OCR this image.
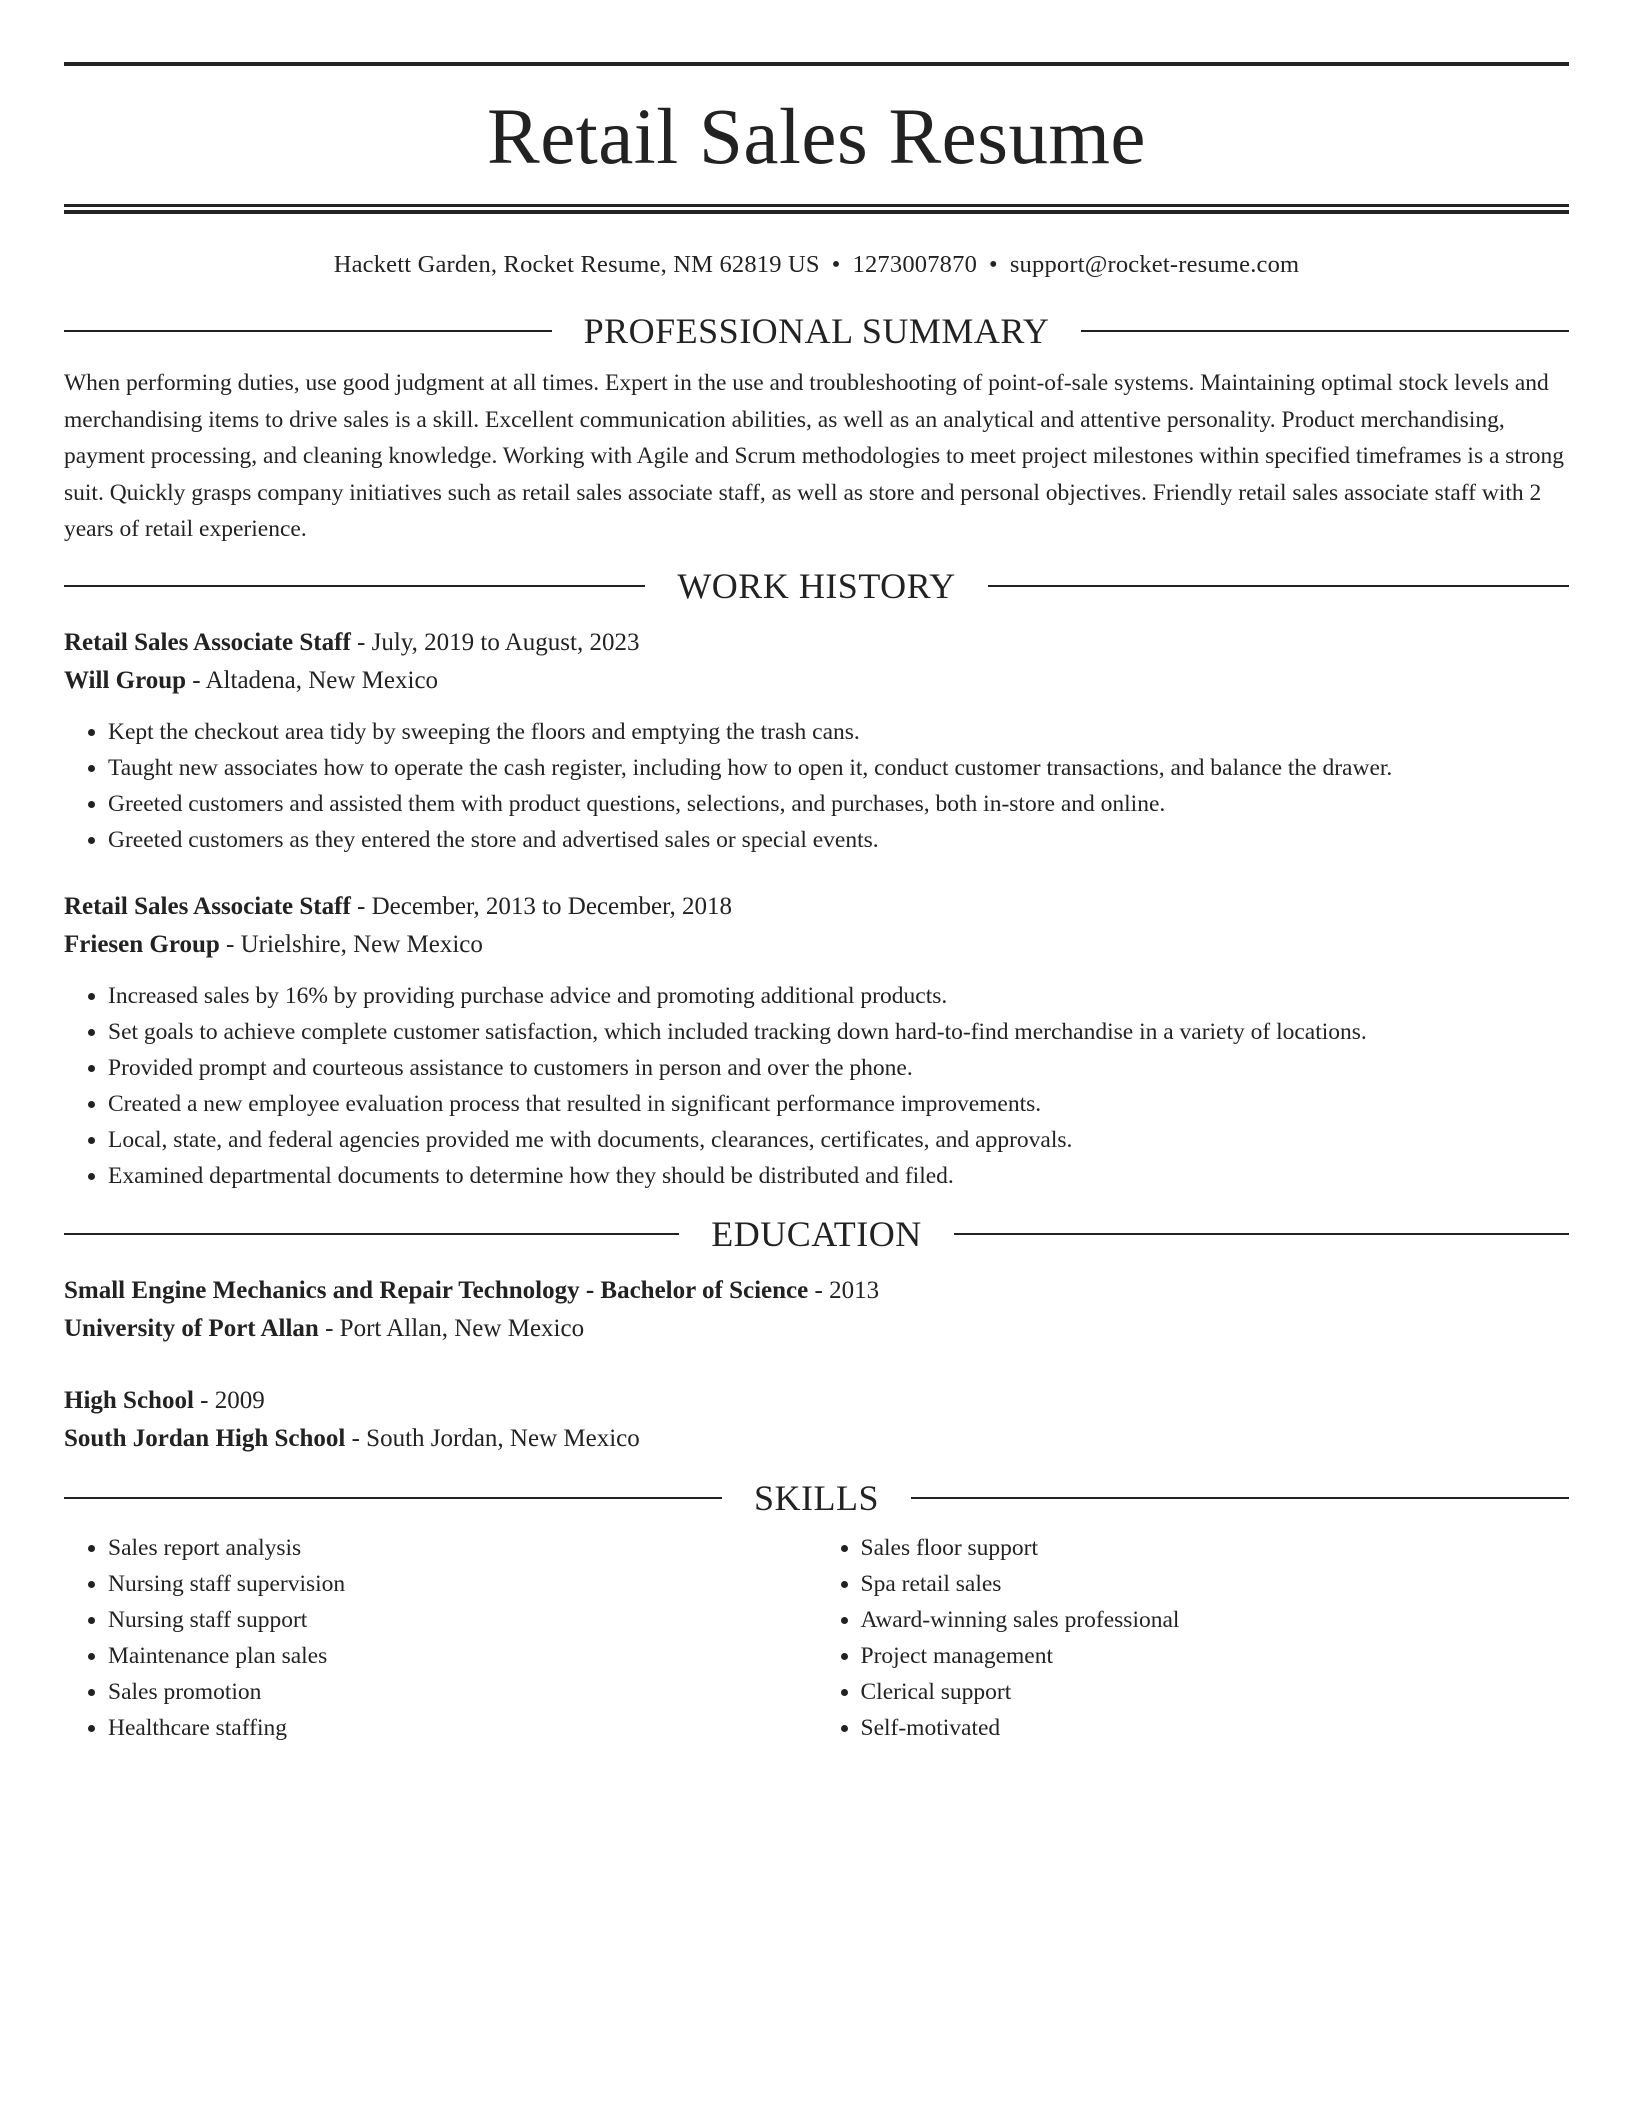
Retail Sales Resume
Hackett Garden, Rocket Resume, NM 62819 US • 1273007870 • support@rocket-resume.com
PROFESSIONAL SUMMARY

When performing duties, use good judgment at all times. Expert in the use and troubleshooting of point-of-sale systems. Maintaining optimal stock levels and merchandising items to drive sales is a skill. Excellent communication abilities, as well as an analytical and attentive personality. Product merchandising, payment processing, and cleaning knowledge. Working with Agile and Scrum methodologies to meet project milestones within specified timeframes is a strong suit. Quickly grasps company initiatives such as retail sales associate staff, as well as store and personal objectives. Friendly retail sales associate staff with 2 years of retail experience.

WORK HISTORY
Retail Sales Associate Staff - July, 2019 to August, 2023
Will Group - Altadena, New Mexico
• Kept the checkout area tidy by sweeping the floors and emptying the trash cans.
• Taught new associates how to operate the cash register, including how to open it, conduct customer transactions, and balance the drawer.
• Greeted customers and assisted them with product questions, selections, and purchases, both in-store and online.
• Greeted customers as they entered the store and advertised sales or special events.
Retail Sales Associate Staff - December, 2013 to December, 2018
Friesen Group - Urielshire, New Mexico
• Increased sales by 16% by providing purchase advice and promoting additional products.
• Set goals to achieve complete customer satisfaction, which included tracking down hard-to-find merchandise in a variety of locations.
• Provided prompt and courteous assistance to customers in person and over the phone.
• Created a new employee evaluation process that resulted in significant performance improvements.
• Local, state, and federal agencies provided me with documents, clearances, certificates, and approvals.
• Examined departmental documents to determine how they should be distributed and filed.
EDUCATION
Small Engine Mechanics and Repair Technology - Bachelor of Science - 2013
University of Port Allan - Port Allan, New Mexico
High School - 2009
South Jordan High School - South Jordan, New Mexico
SKILLS
• Sales report analysis
• Nursing staff supervision
• Nursing staff support
• Maintenance plan sales
• Sales promotion
• Healthcare staffing
• Sales floor support
• Spa retail sales
• Award-winning sales professional
• Project management
• Clerical support
• Self-motivated
